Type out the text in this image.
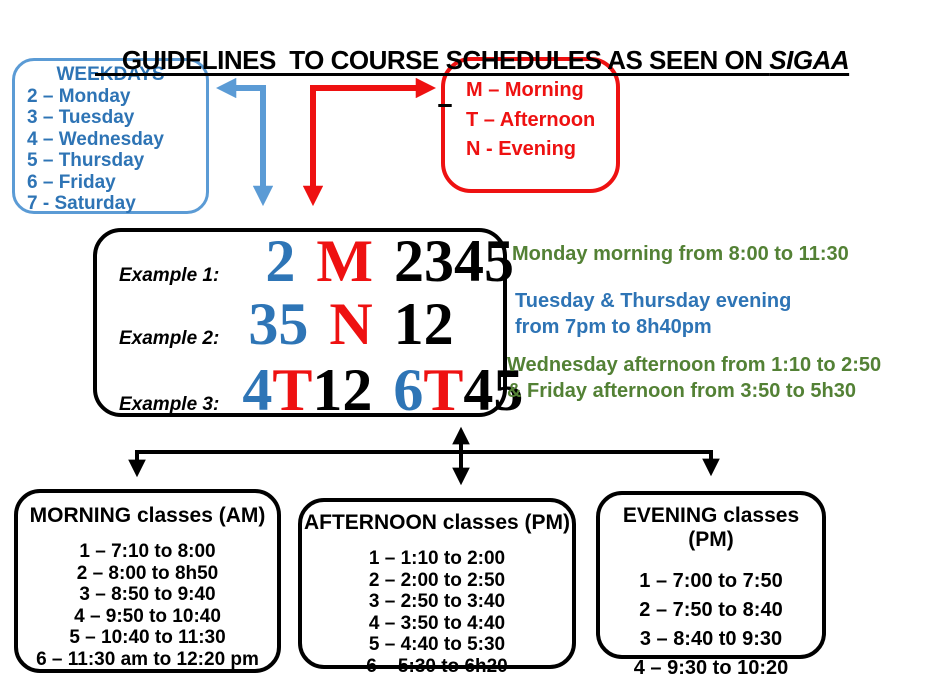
GUIDELINES  TO COURSE SCHEDULES AS SEEN ON SIGAA

WEEKDAYS
2 – Monday
3 – Tuesday
4 – Wednesday
5 – Thursday
6 – Friday
7 - Saturday
M – Morning
T – Afternoon
N - Evening
Example 1: 2 M 2345
Example 2: 35 N 12
Example 3: 4T12 6T45
Monday morning from 8:00 to 11:30
Tuesday & Thursday evening
from 7pm to 8h40pm
Wednesday afternoon from 1:10 to 2:50
& Friday afternoon from 3:50 to 5h30
MORNING classes (AM)
1 – 7:10 to 8:00
2 – 8:00 to 8h50
3 – 8:50 to 9:40
4 – 9:50 to 10:40
5 – 10:40 to 11:30
6 – 11:30 am to 12:20 pm
AFTERNOON classes (PM)
1 – 1:10 to 2:00
2 – 2:00 to 2:50
3 – 2:50 to 3:40
4 – 3:50 to 4:40
5 – 4:40 to 5:30
6 – 5:30 to 6h20
EVENING classes (PM)
1 – 7:00 to 7:50
2 – 7:50 to 8:40
3 – 8:40 t0 9:30
4 – 9:30 to 10:20
